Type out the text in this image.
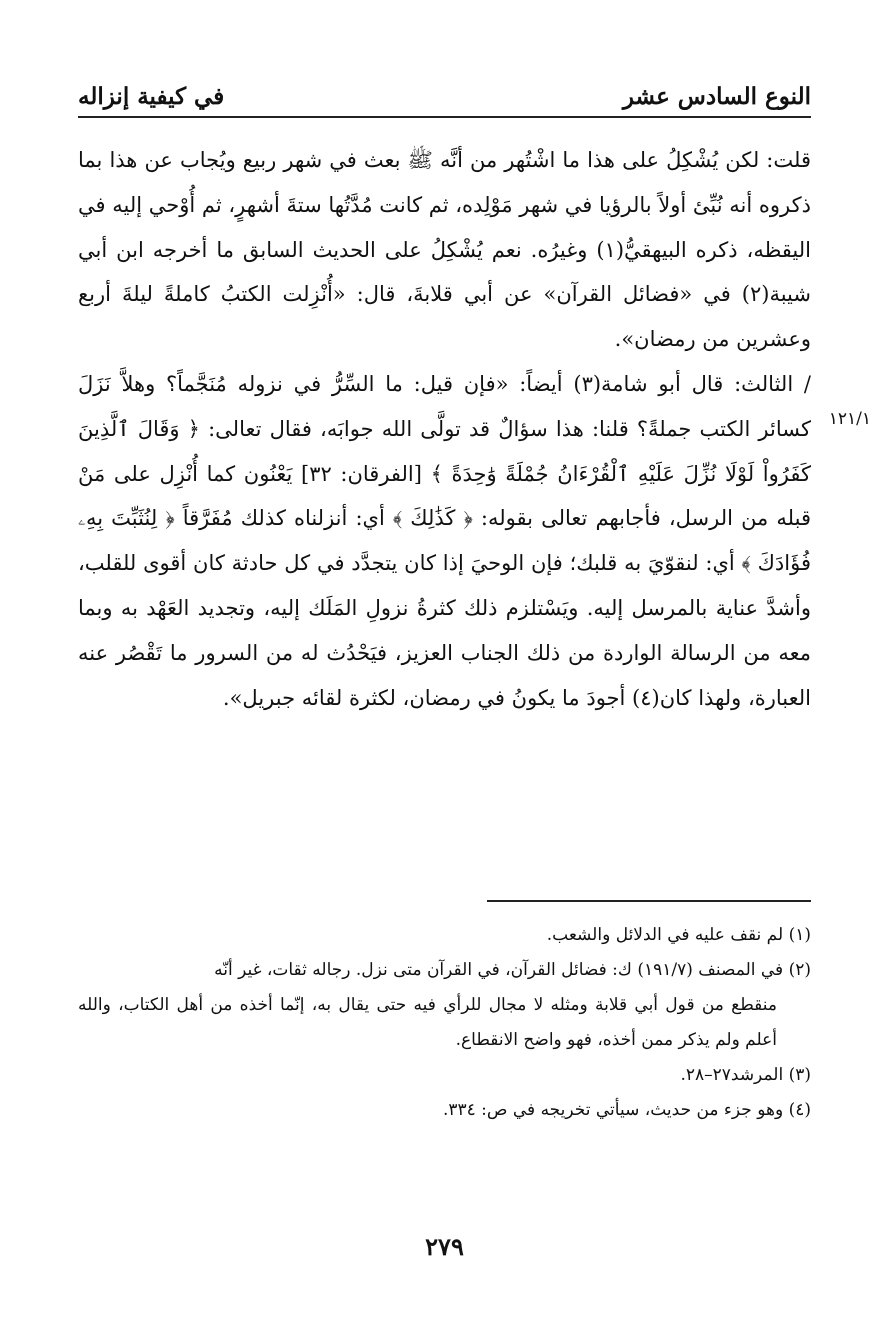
النوع السادس عشر
في كيفية إنزاله

قلت: لكن يُشْكِلُ على هذا ما اشْتُهر من أنَّه ﷺ بعث في شهر ربيع ويُجاب عن هذا بما ذكروه أنه نُبِّئ أولاً بالرؤيا في شهر مَوْلِده، ثم كانت مُدَّتُها ستةَ أشهرٍ، ثم أُوْحي إليه في اليقظه، ذكره البيهقيُّ(١) وغيرُه. نعم يُشْكِلُ على الحديث السابق ما أخرجه ابن أبي شيبة(٢) في «فضائل القرآن» عن أبي قلابةَ، قال: «أُنْزِلت الكتبُ كاملةً ليلةَ أربع وعشرين من رمضان».

/ الثالث: قال أبو شامة(٣) أيضاً: «فإن قيل: ما السِّرُّ في نزوله مُنَجَّماً؟ وهلاَّ نَزَلَ كسائر الكتب جملةً؟ قلنا: هذا سؤالٌ قد تولَّى الله جوابَه، فقال تعالى: ﴿ وَقَالَ ٱلَّذِينَ كَفَرُواْ لَوْلَا نُزِّلَ عَلَيْهِ ٱلْقُرْءَانُ جُمْلَةً وَٰحِدَةً ﴾ [الفرقان: ٣٢] يَعْنُون كما أُنْزِل على مَنْ قبله من الرسل، فأجابهم تعالى بقوله: ﴿ كَذَٰلِكَ ﴾ أي: أنزلناه كذلك مُفَرَّقاً ﴿ لِنُثَبِّتَ بِهِۦ فُؤَادَكَ ﴾ أي: لنقوّيَ به قلبك؛ فإن الوحيَ إذا كان يتجدَّد في كل حادثة كان أقوى للقلب، وأشدَّ عناية بالمرسل إليه. ويَسْتلزم ذلك كثرةُ نزولِ المَلَك إليه، وتجديد العَهْد به وبما معه من الرسالة الواردة من ذلك الجناب العزيز، فيَحْدُث له من السرور ما تَقْصُر عنه العبارة، ولهذا كان(٤) أجودَ ما يكونُ في رمضان، لكثرة لقائه جبريل».

١٢١/١

(١) لم نقف عليه في الدلائل والشعب.

(٢) في المصنف (١٩١/٧) ك: فضائل القرآن، في القرآن متى نزل. رجاله ثقات، غير أنّه

منقطع من قول أبي قلابة ومثله لا مجال للرأي فيه حتى يقال به، إنّما أخذه من أهل الكتاب، والله أعلم ولم يذكر ممن أخذه، فهو واضح الانقطاع.

(٣) المرشد٢٧–٢٨.

(٤) وهو جزء من حديث، سيأتي تخريجه في ص: ٣٣٤.

٢٧٩
